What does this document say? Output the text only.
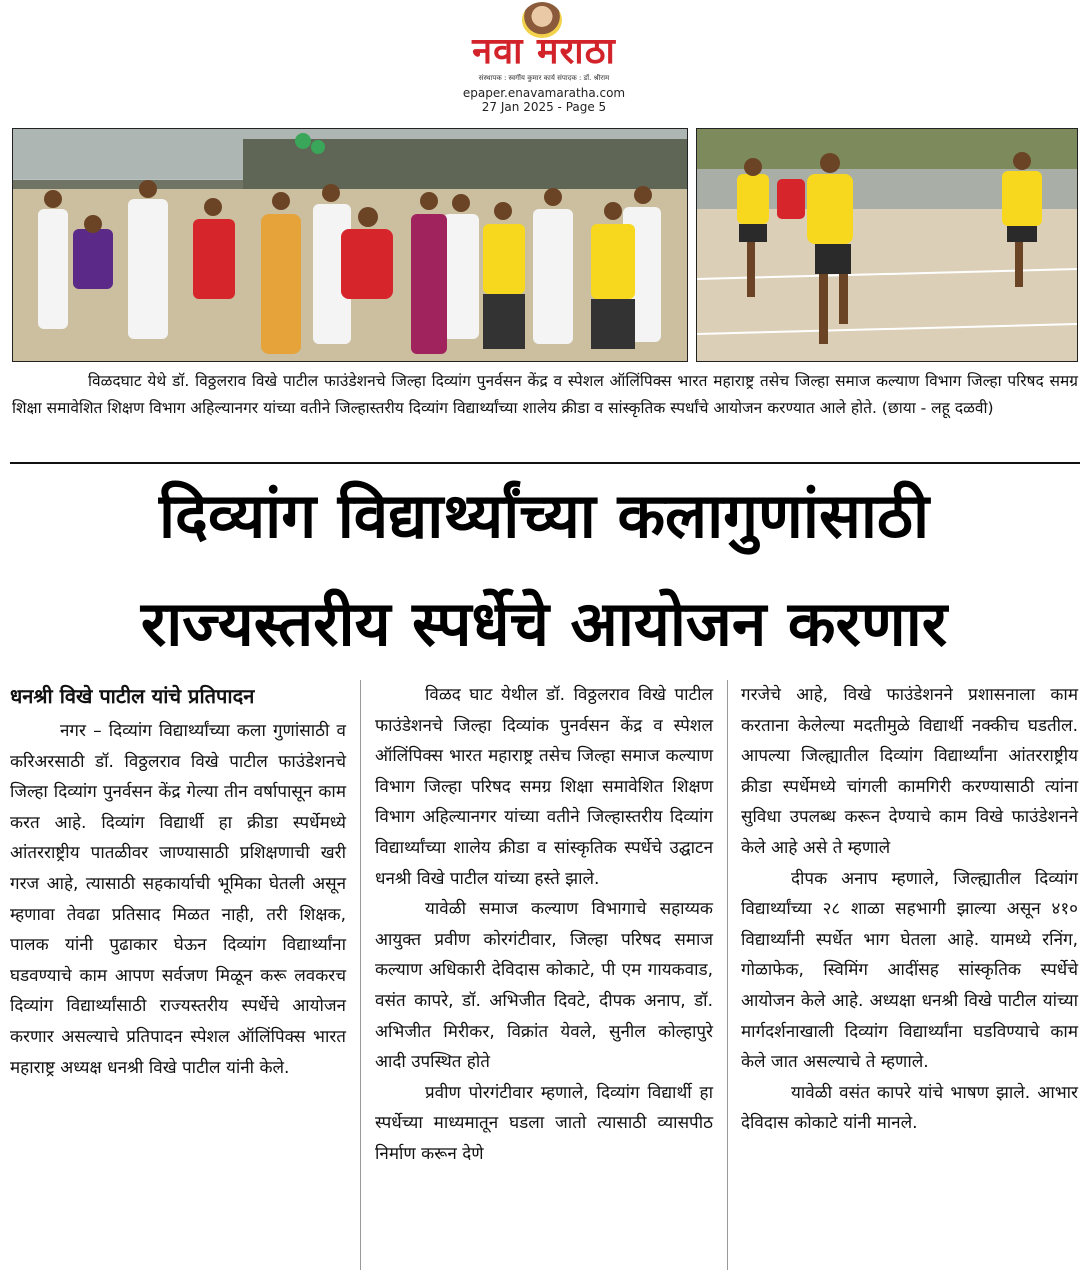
नवा मराठा
संस्थापक : स्वर्गीय कुमार कार्य संपादक : डॉ. श्रीराम
epaper.enavamaratha.com
27 Jan 2025 - Page 5
विळदघाट येथे डॉ. विठ्ठलराव विखे पाटील फाउंडेशनचे जिल्हा दिव्यांग पुनर्वसन केंद्र व स्पेशल ऑलिंपिक्स भारत महाराष्ट्र तसेच जिल्हा समाज कल्याण विभाग जिल्हा परिषद समग्र शिक्षा समावेशित शिक्षण विभाग अहिल्यानगर यांच्या वतीने जिल्हास्तरीय दिव्यांग विद्यार्थ्यांच्या शालेय क्रीडा व सांस्कृतिक स्पर्धांचे आयोजन करण्यात आले होते. (छाया - लहू दळवी)
दिव्यांग विद्यार्थ्यांच्या कलागुणांसाठी
राज्यस्तरीय स्पर्धेचे आयोजन करणार
धनश्री विखे पाटील यांचे प्रतिपादन

नगर – दिव्यांग विद्यार्थ्यांच्या कला गुणांसाठी व करिअरसाठी डॉ. विठ्ठलराव विखे पाटील फाउंडेशनचे जिल्हा दिव्यांग पुनर्वसन केंद्र गेल्या तीन वर्षापासून काम करत आहे. दिव्यांग विद्यार्थी हा क्रीडा स्पर्धेमध्ये आंतरराष्ट्रीय पातळीवर जाण्यासाठी प्रशिक्षणाची खरी गरज आहे, त्यासाठी सहकार्याची भूमिका घेतली असून म्हणावा तेवढा प्रतिसाद मिळत नाही, तरी शिक्षक, पालक यांनी पुढाकार घेऊन दिव्यांग विद्यार्थ्यांना घडवण्याचे काम आपण सर्वजण मिळून करू लवकरच दिव्यांग विद्यार्थ्यांसाठी राज्यस्तरीय स्पर्धेचे आयोजन करणार असल्याचे प्रतिपादन स्पेशल ऑलिंपिक्स भारत महाराष्ट्र अध्यक्ष धनश्री विखे पाटील यांनी केले.

विळद घाट येथील डॉ. विठ्ठलराव विखे पाटील फाउंडेशनचे जिल्हा दिव्यांक पुनर्वसन केंद्र व स्पेशल ऑलिंपिक्स भारत महाराष्ट्र तसेच जिल्हा समाज कल्याण विभाग जिल्हा परिषद समग्र शिक्षा समावेशित शिक्षण विभाग अहिल्यानगर यांच्या वतीने जिल्हास्तरीय दिव्यांग विद्यार्थ्यांच्या शालेय क्रीडा व सांस्कृतिक स्पर्धेचे उद्घाटन धनश्री विखे पाटील यांच्या हस्ते झाले.

यावेळी समाज कल्याण विभागाचे सहाय्यक आयुक्त प्रवीण कोरगंटीवार, जिल्हा परिषद समाज कल्याण अधिकारी देविदास कोकाटे, पी एम गायकवाड, वसंत कापरे, डॉ. अभिजीत दिवटे, दीपक अनाप, डॉ. अभिजीत मिरीकर, विक्रांत येवले, सुनील कोल्हापुरे आदी उपस्थित होते

प्रवीण पोरगंटीवार म्हणाले, दिव्यांग विद्यार्थी हा स्पर्धेच्या माध्यमातून घडला जातो त्यासाठी व्यासपीठ निर्माण करून देणे

गरजेचे आहे, विखे फाउंडेशनने प्रशासनाला काम करताना केलेल्या मदतीमुळे विद्यार्थी नक्कीच घडतील. आपल्या जिल्ह्यातील दिव्यांग विद्यार्थ्यांना आंतरराष्ट्रीय क्रीडा स्पर्धेमध्ये चांगली कामगिरी करण्यासाठी त्यांना सुविधा उपलब्ध करून देण्याचे काम विखे फाउंडेशनने केले आहे असे ते म्हणाले

दीपक अनाप म्हणाले, जिल्ह्यातील दिव्यांग विद्यार्थ्यांच्या २८ शाळा सहभागी झाल्या असून ४१० विद्यार्थ्यांनी स्पर्धेत भाग घेतला आहे. यामध्ये रनिंग, गोळाफेक, स्विमिंग आदींसह सांस्कृतिक स्पर्धेचे आयोजन केले आहे. अध्यक्षा धनश्री विखे पाटील यांच्या मार्गदर्शनाखाली दिव्यांग विद्यार्थ्यांना घडविण्याचे काम केले जात असल्याचे ते म्हणाले.

यावेळी वसंत कापरे यांचे भाषण झाले. आभार देविदास कोकाटे यांनी मानले.
